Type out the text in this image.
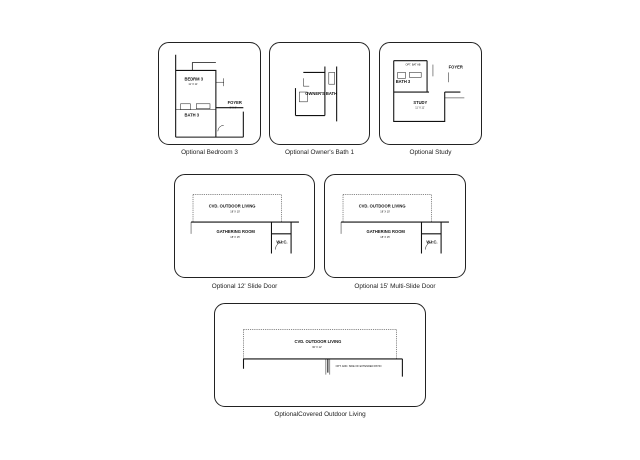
BEDRM 3
11' X 11'
BATH 3
FOYER
8' X 8'
Optional Bedroom 3
OWNER'S BATH
Optional Owner's Bath 1
OPT. BAT AB
BATH 3
FOYER
STUDY
11' X 11'
Optional Study
CVD. OUTDOOR LIVING
18' X 10'
GATHERING ROOM
18' X 15'
W.I.C.
Optional 12' Slide Door
CVD. OUTDOOR LIVING
18' X 10'
GATHERING ROOM
18' X 15'
W.I.C.
Optional 15' Multi-Slide Door
CVD. OUTDOOR LIVING
30' X 12'
OPT. ADD. SIDE OF EXTENDED PATIO
OptionalCovered Outdoor Living
